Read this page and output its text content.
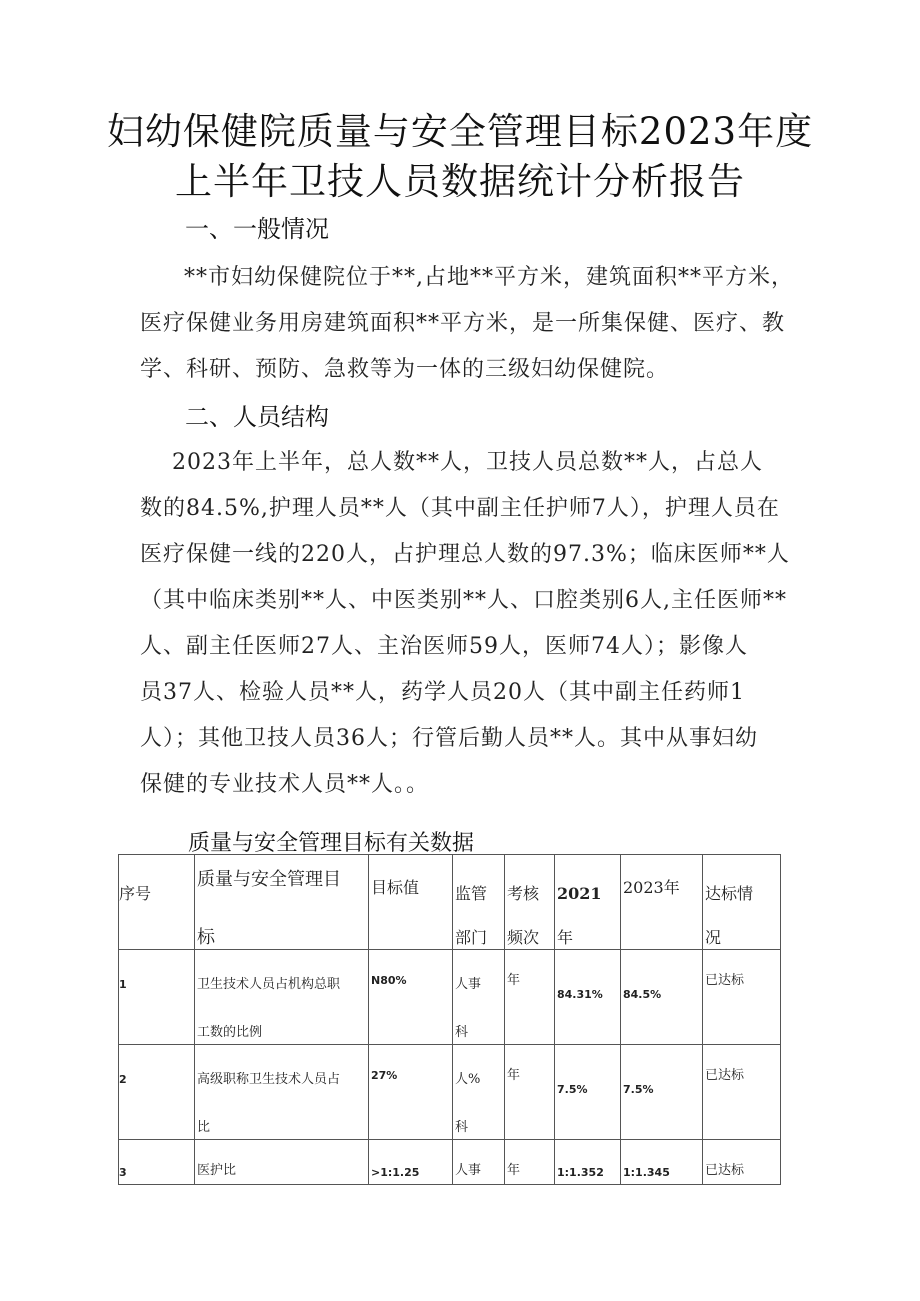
妇幼保健院质量与安全管理目标2023年度
上半年卫技人员数据统计分析报告
一、一般情况
**市妇幼保健院位于**,占地**平方米，建筑面积**平方米，
医疗保健业务用房建筑面积**平方米，是一所集保健、医疗、教
学、科研、预防、急救等为一体的三级妇幼保健院。
二、人员结构
2023年上半年，总人数**人，卫技人员总数**人，占总人
数的84.5%,护理人员**人（其中副主任护师7人），护理人员在
医疗保健一线的220人，占护理总人数的97.3%；临床医师**人
（其中临床类别**人、中医类别**人、口腔类别6人,主任医师**
人、副主任医师27人、主治医师59人，医师74人）；影像人
员37人、检验人员**人，药学人员20人（其中副主任药师1
人）；其他卫技人员36人；行管后勤人员**人。其中从事妇幼
保健的专业技术人员**人。。
质量与安全管理目标有关数据
序号	质量与安全管理目
标	目标值	监管
部门	考核
频次	2021
年	2023年	达标情
况

1	卫生技术人员占机构总职
工数的比例	N80%	人事
科	年	84.31%	84.5%	已达标

2	高级职称卫生技术人员占
比	27%	人%
科	年	7.5%	7.5%	已达标

3	医护比	>1:1.25	人事	年	1:1.352	1:1.345	已达标
